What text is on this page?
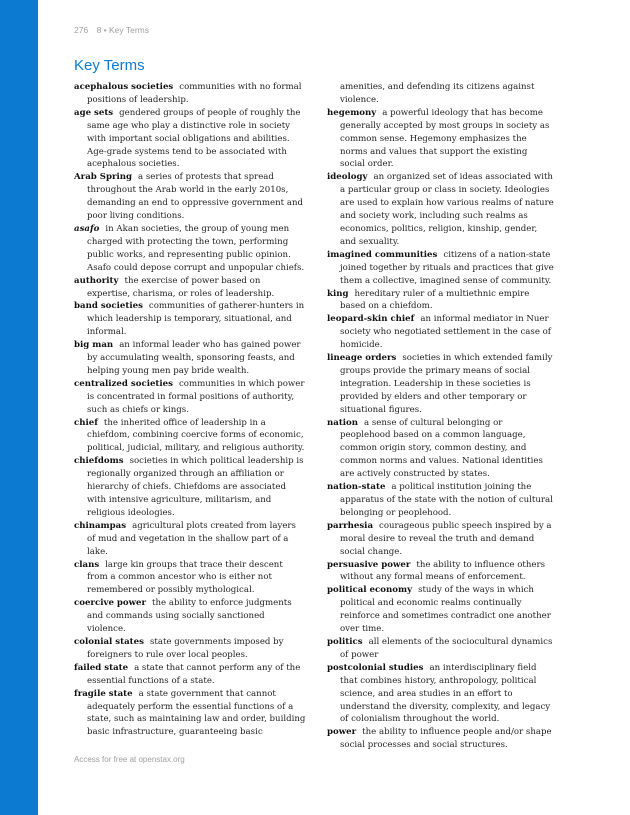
276 8 • Key Terms
Key Terms

acephalous societies communities with no formal positions of leadership.

age sets gendered groups of people of roughly the same age who play a distinctive role in society with important social obligations and abilities. Age-grade systems tend to be associated with acephalous societies.

Arab Spring a series of protests that spread throughout the Arab world in the early 2010s, demanding an end to oppressive government and poor living conditions.

asafo in Akan societies, the group of young men charged with protecting the town, performing public works, and representing public opinion. Asafo could depose corrupt and unpopular chiefs.

authority the exercise of power based on expertise, charisma, or roles of leadership.

band societies communities of gatherer-hunters in which leadership is temporary, situational, and informal.

big man an informal leader who has gained power by accumulating wealth, sponsoring feasts, and helping young men pay bride wealth.

centralized societies communities in which power is concentrated in formal positions of authority, such as chiefs or kings.

chief the inherited office of leadership in a chiefdom, combining coercive forms of economic, political, judicial, military, and religious authority.

chiefdoms societies in which political leadership is regionally organized through an affiliation or hierarchy of chiefs. Chiefdoms are associated with intensive agriculture, militarism, and religious ideologies.

chinampas agricultural plots created from layers of mud and vegetation in the shallow part of a lake.

clans large kin groups that trace their descent from a common ancestor who is either not remembered or possibly mythological.

coercive power the ability to enforce judgments and commands using socially sanctioned violence.

colonial states state governments imposed by foreigners to rule over local peoples.

failed state a state that cannot perform any of the essential functions of a state.

fragile state a state government that cannot adequately perform the essential functions of a state, such as maintaining law and order, building basic infrastructure, guaranteeing basic

amenities, and defending its citizens against violence.

hegemony a powerful ideology that has become generally accepted by most groups in society as common sense. Hegemony emphasizes the norms and values that support the existing social order.

ideology an organized set of ideas associated with a particular group or class in society. Ideologies are used to explain how various realms of nature and society work, including such realms as economics, politics, religion, kinship, gender, and sexuality.

imagined communities citizens of a nation-state joined together by rituals and practices that give them a collective, imagined sense of community.

king hereditary ruler of a multiethnic empire based on a chiefdom.

leopard-skin chief an informal mediator in Nuer society who negotiated settlement in the case of homicide.

lineage orders societies in which extended family groups provide the primary means of social integration. Leadership in these societies is provided by elders and other temporary or situational figures.

nation a sense of cultural belonging or peoplehood based on a common language, common origin story, common destiny, and common norms and values. National identities are actively constructed by states.

nation-state a political institution joining the apparatus of the state with the notion of cultural belonging or peoplehood.

parrhesia courageous public speech inspired by a moral desire to reveal the truth and demand social change.

persuasive power the ability to influence others without any formal means of enforcement.

political economy study of the ways in which political and economic realms continually reinforce and sometimes contradict one another over time.

politics all elements of the sociocultural dynamics of power

postcolonial studies an interdisciplinary field that combines history, anthropology, political science, and area studies in an effort to understand the diversity, complexity, and legacy of colonialism throughout the world.

power the ability to influence people and/or shape social processes and social structures.

Access for free at openstax.org
